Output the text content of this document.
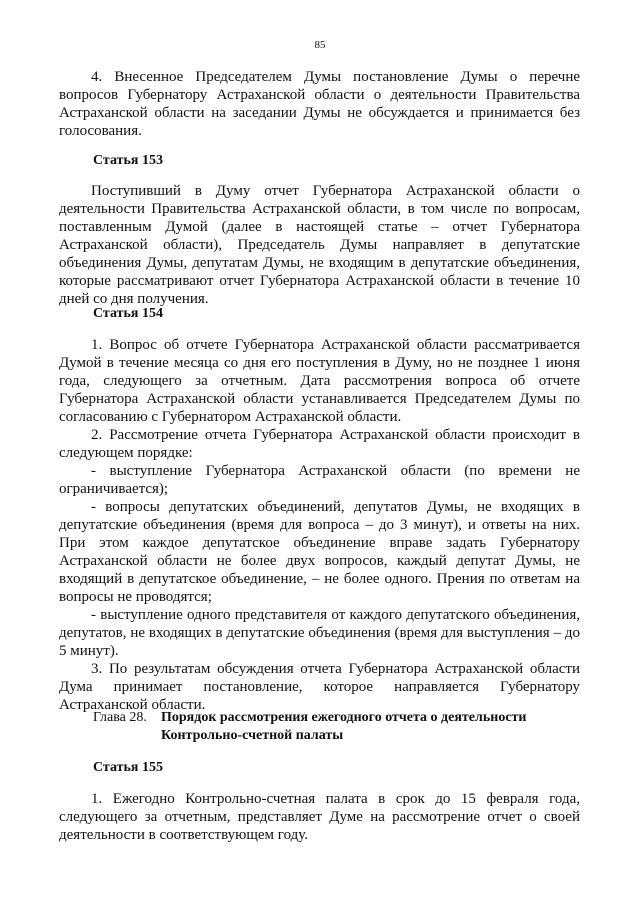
85

4. Внесенное Председателем Думы постановление Думы о перечне вопросов Губернатору Астраханской области о деятельности Правительства Астраханской области на заседании Думы не обсуждается и принимается без голосования.

Статья 153

Поступивший в Думу отчет Губернатора Астраханской области о деятельности Правительства Астраханской области, в том числе по вопросам, поставленным Думой (далее в настоящей статье – отчет Губернатора Астраханской области), Председатель Думы направляет в депутатские объединения Думы, депутатам Думы, не входящим в депутатские объединения, которые рассматривают отчет Губернатора Астраханской области в течение 10 дней со дня получения.

Статья 154

1. Вопрос об отчете Губернатора Астраханской области рассматривается Думой в течение месяца со дня его поступления в Думу, но не позднее 1 июня года, следующего за отчетным. Дата рассмотрения вопроса об отчете Губернатора Астраханской области устанавливается Председателем Думы по согласованию с Губернатором Астраханской области.

2. Рассмотрение отчета Губернатора Астраханской области происходит в следующем порядке:

- выступление Губернатора Астраханской области (по времени не ограничивается);

- вопросы депутатских объединений, депутатов Думы, не входящих в депутатские объединения (время для вопроса – до 3 минут), и ответы на них. При этом каждое депутатское объединение вправе задать Губернатору Астраханской области не более двух вопросов, каждый депутат Думы, не входящий в депутатское объединение, – не более одного. Прения по ответам на вопросы не проводятся;

- выступление одного представителя от каждого депутатского объединения, депутатов, не входящих в депутатские объединения (время для выступления – до 5 минут).

3. По результатам обсуждения отчета Губернатора Астраханской области Дума принимает постановление, которое направляется Губернатору Астраханской области.

Глава 28. Порядок рассмотрения ежегодного отчета о деятельности
Контрольно-счетной палаты
Статья 155

1. Ежегодно Контрольно-счетная палата в срок до 15 февраля года, следующего за отчетным, представляет Думе на рассмотрение отчет о своей деятельности в соответствующем году.
